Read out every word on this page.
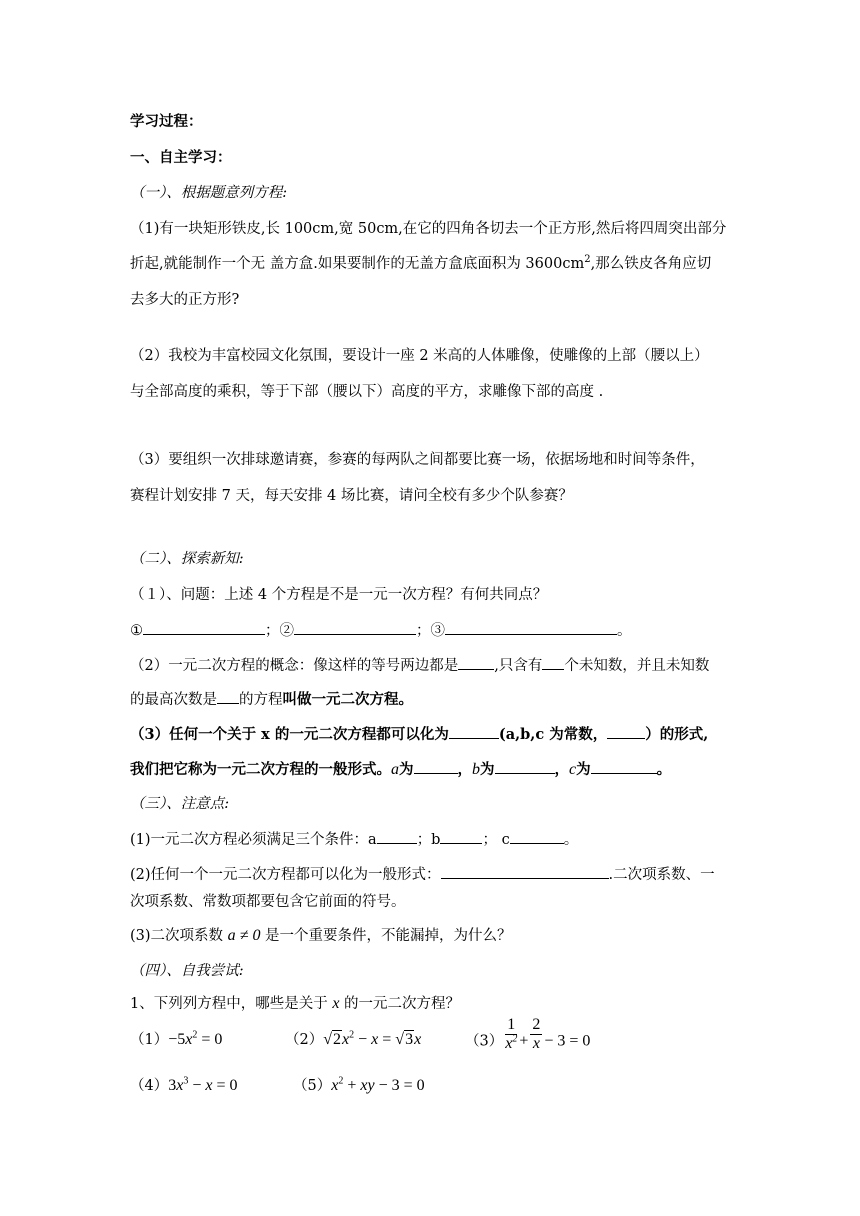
学习过程：
一、自主学习：
（一）、根据题意列方程:
（1)有一块矩形铁皮,长 100cm,宽 50cm,在它的四角各切去一个正方形,然后将四周突出部分
折起,就能制作一个无 盖方盒.如果要制作的无盖方盒底面积为 $3600cm^2$,那么铁皮各角应切
去多大的正方形?
（2）我校为丰富校园文化氛围，要设计一座 2 米高的人体雕像，使雕像的上部（腰以上）
与全部高度的乘积，等于下部（腰以下）高度的平方，求雕像下部的高度 .
（3）要组织一次排球邀请赛，参赛的每两队之间都要比赛一场，依据场地和时间等条件，
赛程计划安排 7 天，每天安排 4 场比赛，请问全校有多少个队参赛？
（二）、探索新知:
（１）、问题：上述 4 个方程是不是一元一次方程？有何共同点？
①	；②	；③	。
（2）一元二次方程的概念：像这样的等号两边都是 ,只含有 个未知数，并且未知数
的最高次数是 的方程叫做一元二次方程。
（3）任何一个关于 x 的一元二次方程都可以化为	(a,b,c 为常数，	）的形式,
我们把它称为一元二次方程的一般形式。a为	，b为	，c为	。
（三）、注意点:
(1)一元二次方程必须满足三个条件：a	；b	； c	。
(2)任何一个一元二次方程都可以化为一般形式：	.二次项系数、一
次项系数、常数项都要包含它前面的符号。
(3)二次项系数 a ≠ 0 是一个重要条件，不能漏掉，为什么？
（四）、自我尝试:
1、下列列方程中，哪些是关于 x 的一元二次方程？
$(1)-5x^2 = 0$	$(2)√2x^2 - x = √3x$	$(3) \frac{1}{x^2} + \frac{2}{x} - 3 = 0$
$(4)3x^3 - x = 0$	$(5)x^2$ + xy − 3 = 0
